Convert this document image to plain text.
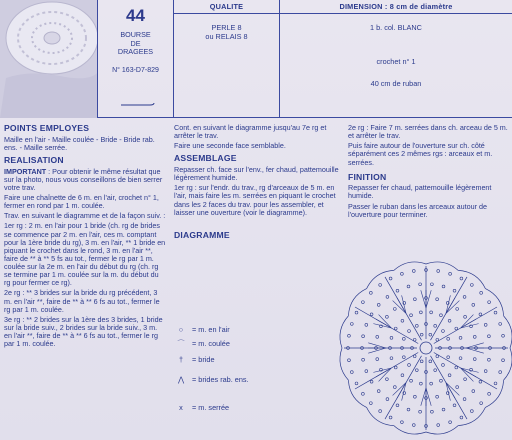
44
BOURSE
DE
DRAGEES
N° 163-D7-829
QUALITE
PERLE 8
ou RELAIS 8
DIMENSION : 8 cm de diamètre
1 b. col. BLANC
crochet n° 1
40 cm de ruban
POINTS EMPLOYES
Maille en l'air - Maille coulée - Bride - Bride rab. ens. - Maille serrée.
REALISATION
IMPORTANT : Pour obtenir le même résultat que sur la photo, nous vous conseillons de bien serrer votre trav.
Faire une chaînette de 6 m. en l'air, crochet n° 1, fermer en rond par 1 m. coulée.
Trav. en suivant le diagramme et de la façon suiv. :
1er rg : 2 m. en l'air pour 1 bride (ch. rg de brides se commence par 2 m. en l'air, ces m. comptant pour la 1ère bride du rg), 3 m. en l'air, ** 1 bride en piquant le crochet dans le rond, 3 m. en l'air **, faire de ** à ** 5 fs au tot., fermer le rg par 1 m. coulée sur la 2e m. en l'air du début du rg (ch. rg se termine par 1 m. coulée sur la m. du début du rg pour fermer ce rg).
2e rg : ** 3 brides sur la bride du rg précédent, 3 m. en l'air **, faire de ** à ** 6 fs au tot., fermer le rg par 1 m. coulée.
3e rg : ** 2 brides sur la 1ère des 3 brides, 1 bride sur la bride suiv., 2 brides sur la bride suiv., 3 m. en l'air **, faire de ** à ** 6 fs au tot., fermer le rg par 1 m. coulée.
Cont. en suivant le diagramme jusqu'au 7e rg et arrêter le trav.
Faire une seconde face semblable.
ASSEMBLAGE
Repasser ch. face sur l'env., fer chaud, pattemouille légèrement humide.
1er rg : sur l'endr. du trav., rg d'arceaux de 5 m. en l'air, mais faire les m. serrées en piquant le crochet dans les 2 faces du trav. pour les assembler, et laisser une ouverture (voir le diagramme).
DIAGRAMME
○	= m. en l'air
⌒	= m. coulée
†	= bride
⋀	= brides rab. ens.
x	= m. serrée
2e rg : Faire 7 m. serrées dans ch. arceau de 5 m. et arrêter le trav.
Puis faire autour de l'ouverture sur ch. côté séparément ces 2 mêmes rgs : arceaux et m. serrées.
FINITION
Repasser fer chaud, pattemouille légèrement humide.
Passer le ruban dans les arceaux autour de l'ouverture pour terminer.
